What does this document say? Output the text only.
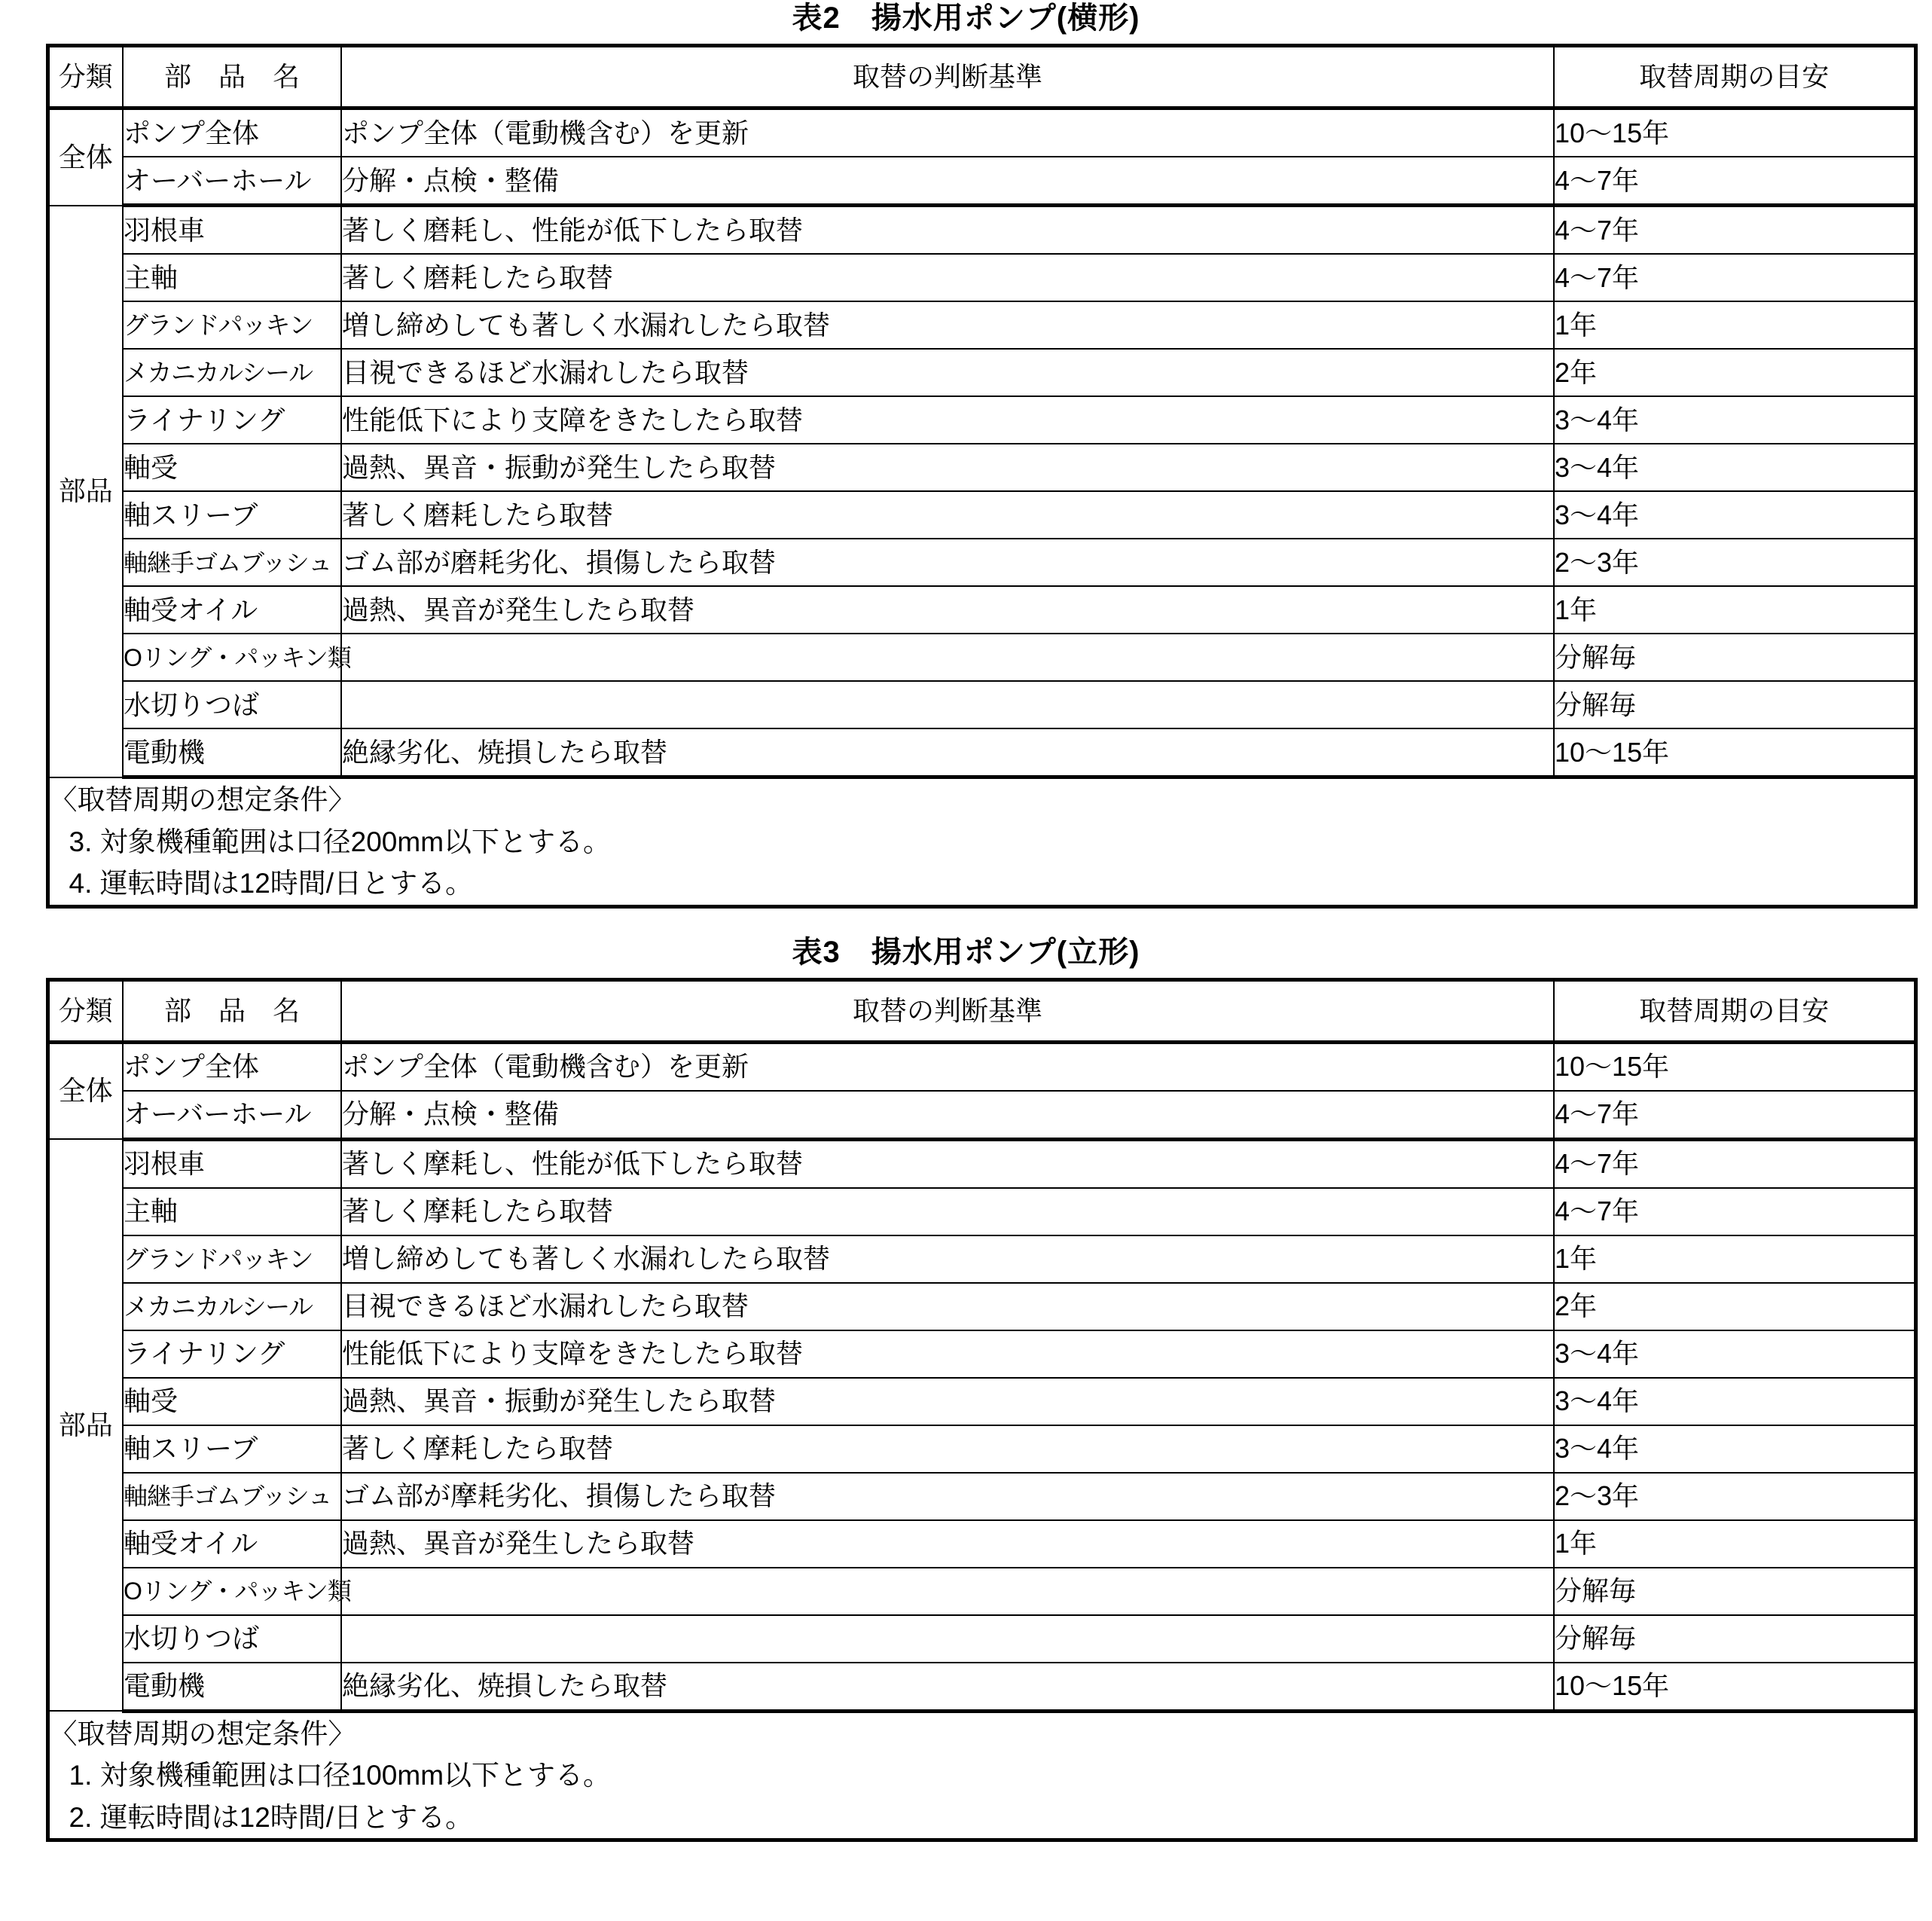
表2　揚水用ポンプ(横形)
分類	部　品　名	取替の判断基準	取替周期の目安
全体	ポンプ全体	ポンプ全体（電動機含む）を更新	10〜15年
	オーバーホール	分解・点検・整備	4〜7年
部品	羽根車	著しく磨耗し、性能が低下したら取替	4〜7年
	主軸	著しく磨耗したら取替	4〜7年
	グランドパッキン	増し締めしても著しく水漏れしたら取替	1年
	メカニカルシール	目視できるほど水漏れしたら取替	2年
	ライナリング	性能低下により支障をきたしたら取替	3〜4年
	軸受	過熱、異音・振動が発生したら取替	3〜4年
	軸スリーブ	著しく磨耗したら取替	3〜4年
	軸継手ゴムブッシュ	ゴム部が磨耗劣化、損傷したら取替	2〜3年
	軸受オイル	過熱、異音が発生したら取替	1年
	Oリング・パッキン類		分解毎
	水切りつば		分解毎
	電動機	絶縁劣化、焼損したら取替	10〜15年

〈取替周期の想定条件〉
3. 対象機種範囲は口径200mm以下とする。
4. 運転時間は12時間/日とする。			
表3　揚水用ポンプ(立形)
分類	部　品　名	取替の判断基準	取替周期の目安
全体	ポンプ全体	ポンプ全体（電動機含む）を更新	10〜15年
	オーバーホール	分解・点検・整備	4〜7年
部品	羽根車	著しく摩耗し、性能が低下したら取替	4〜7年
	主軸	著しく摩耗したら取替	4〜7年
	グランドパッキン	増し締めしても著しく水漏れしたら取替	1年
	メカニカルシール	目視できるほど水漏れしたら取替	2年
	ライナリング	性能低下により支障をきたしたら取替	3〜4年
	軸受	過熱、異音・振動が発生したら取替	3〜4年
	軸スリーブ	著しく摩耗したら取替	3〜4年
	軸継手ゴムブッシュ	ゴム部が摩耗劣化、損傷したら取替	2〜3年
	軸受オイル	過熱、異音が発生したら取替	1年
	Oリング・パッキン類		分解毎
	水切りつば		分解毎
	電動機	絶縁劣化、焼損したら取替	10〜15年

〈取替周期の想定条件〉
1. 対象機種範囲は口径100mm以下とする。
2. 運転時間は12時間/日とする。			
